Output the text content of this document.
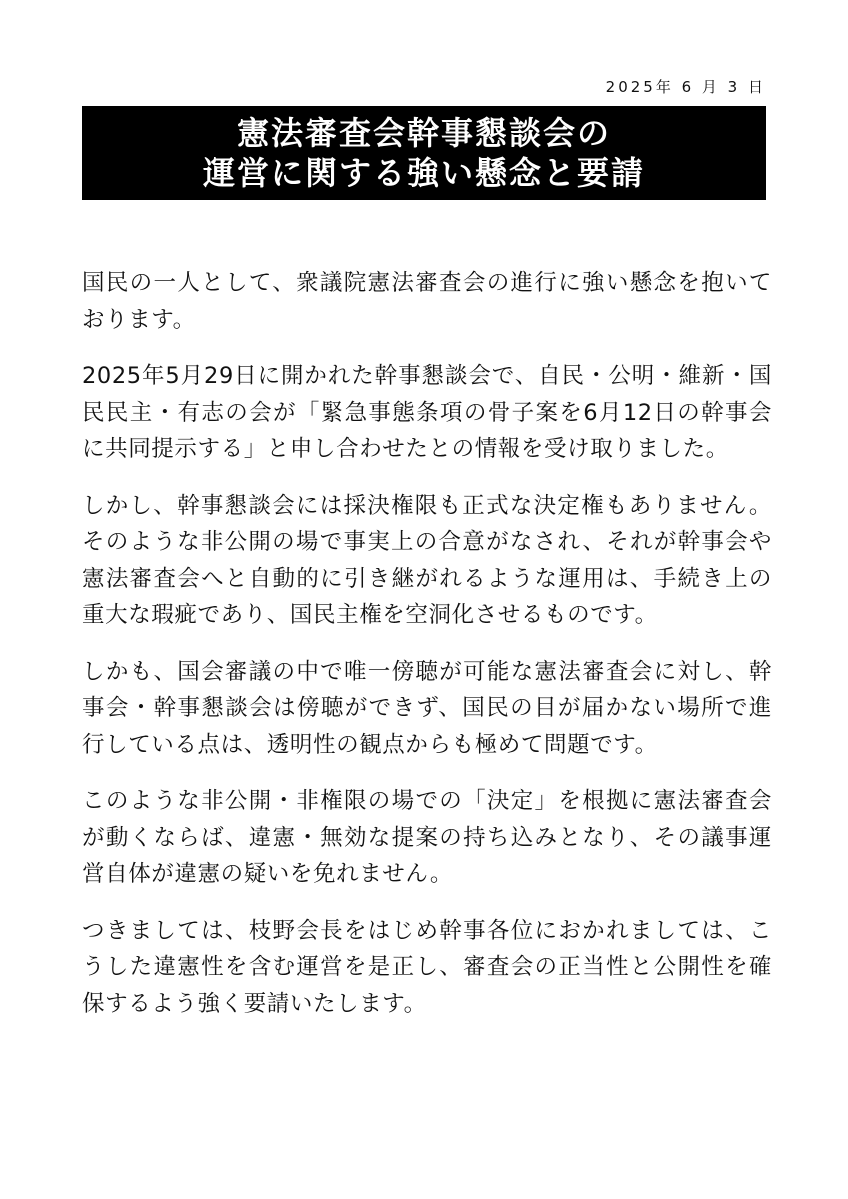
2025年 6 月 3 日
憲法審査会幹事懇談会の
運営に関する強い懸念と要請

国民の一人として、衆議院憲法審査会の進行に強い懸念を抱いております。

2025年5月29日に開かれた幹事懇談会で、自民・公明・維新・国民民主・有志の会が「緊急事態条項の骨子案を6月12日の幹事会に共同提示する」と申し合わせたとの情報を受け取りました。

しかし、幹事懇談会には採決権限も正式な決定権もありません。そのような非公開の場で事実上の合意がなされ、それが幹事会や憲法審査会へと自動的に引き継がれるような運用は、手続き上の重大な瑕疵であり、国民主権を空洞化させるものです。

しかも、国会審議の中で唯一傍聴が可能な憲法審査会に対し、幹事会・幹事懇談会は傍聴ができず、国民の目が届かない場所で進行している点は、透明性の観点からも極めて問題です。

このような非公開・非権限の場での「決定」を根拠に憲法審査会が動くならば、違憲・無効な提案の持ち込みとなり、その議事運営自体が違憲の疑いを免れません。

つきましては、枝野会長をはじめ幹事各位におかれましては、こうした違憲性を含む運営を是正し、審査会の正当性と公開性を確保するよう強く要請いたします。
